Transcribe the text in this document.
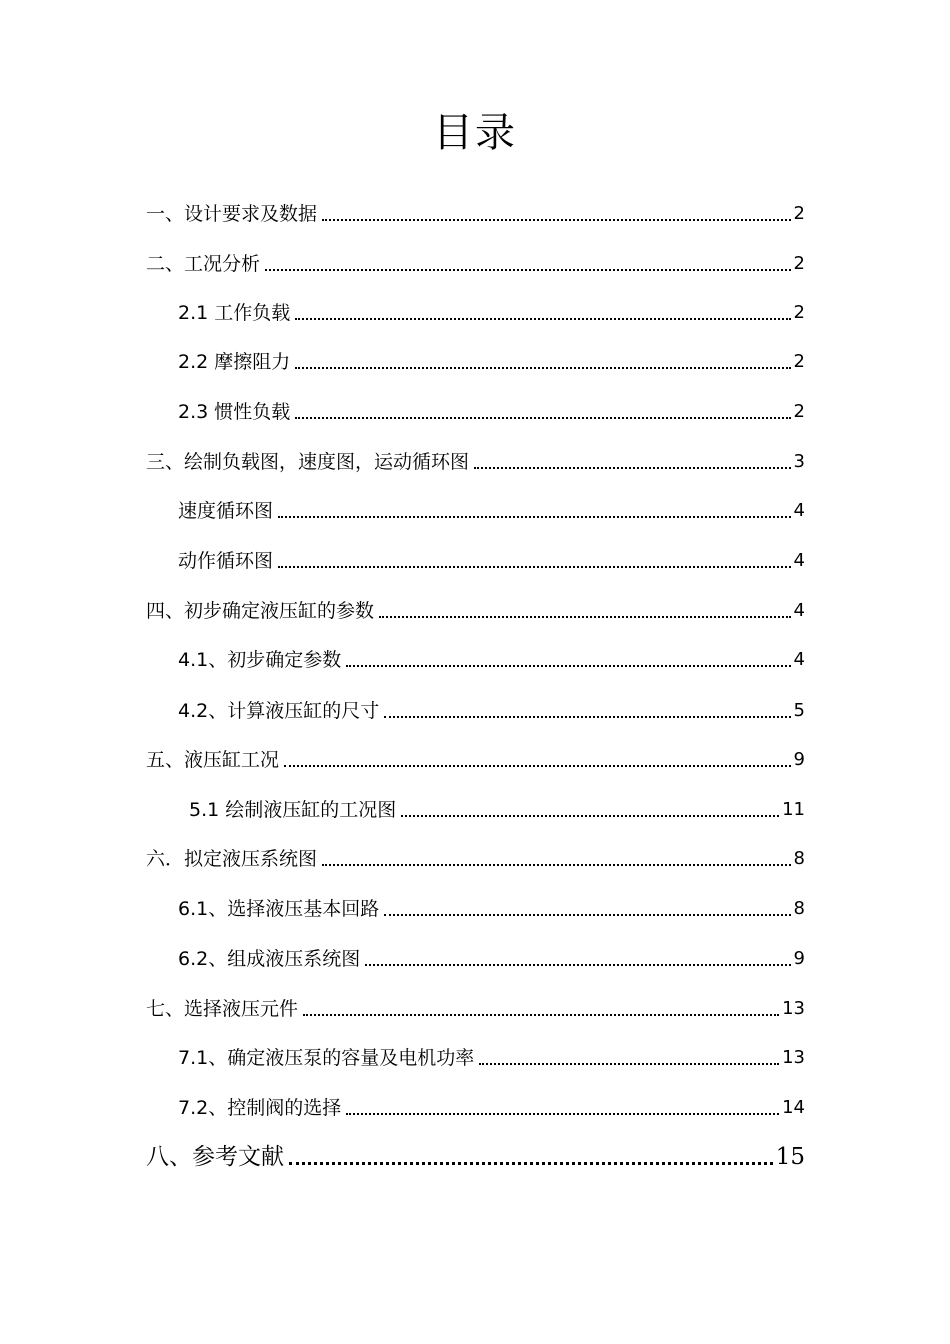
目录
一、设计要求及数据	2
二、工况分析	2
2.1 工作负载	2
2.2 摩擦阻力	2
2.3 惯性负载	2
三、绘制负载图，速度图，运动循环图	3
速度循环图	4
动作循环图	4
四、初步确定液压缸的参数	4
4.1、初步确定参数	4
4.2、计算液压缸的尺寸	5
五、液压缸工况	9
5.1 绘制液压缸的工况图	11
六．拟定液压系统图	8
6.1、选择液压基本回路	8
6.2、组成液压系统图	9
七、选择液压元件	13
7.1、确定液压泵的容量及电机功率	13
7.2、控制阀的选择	14
八、参考文献	15
